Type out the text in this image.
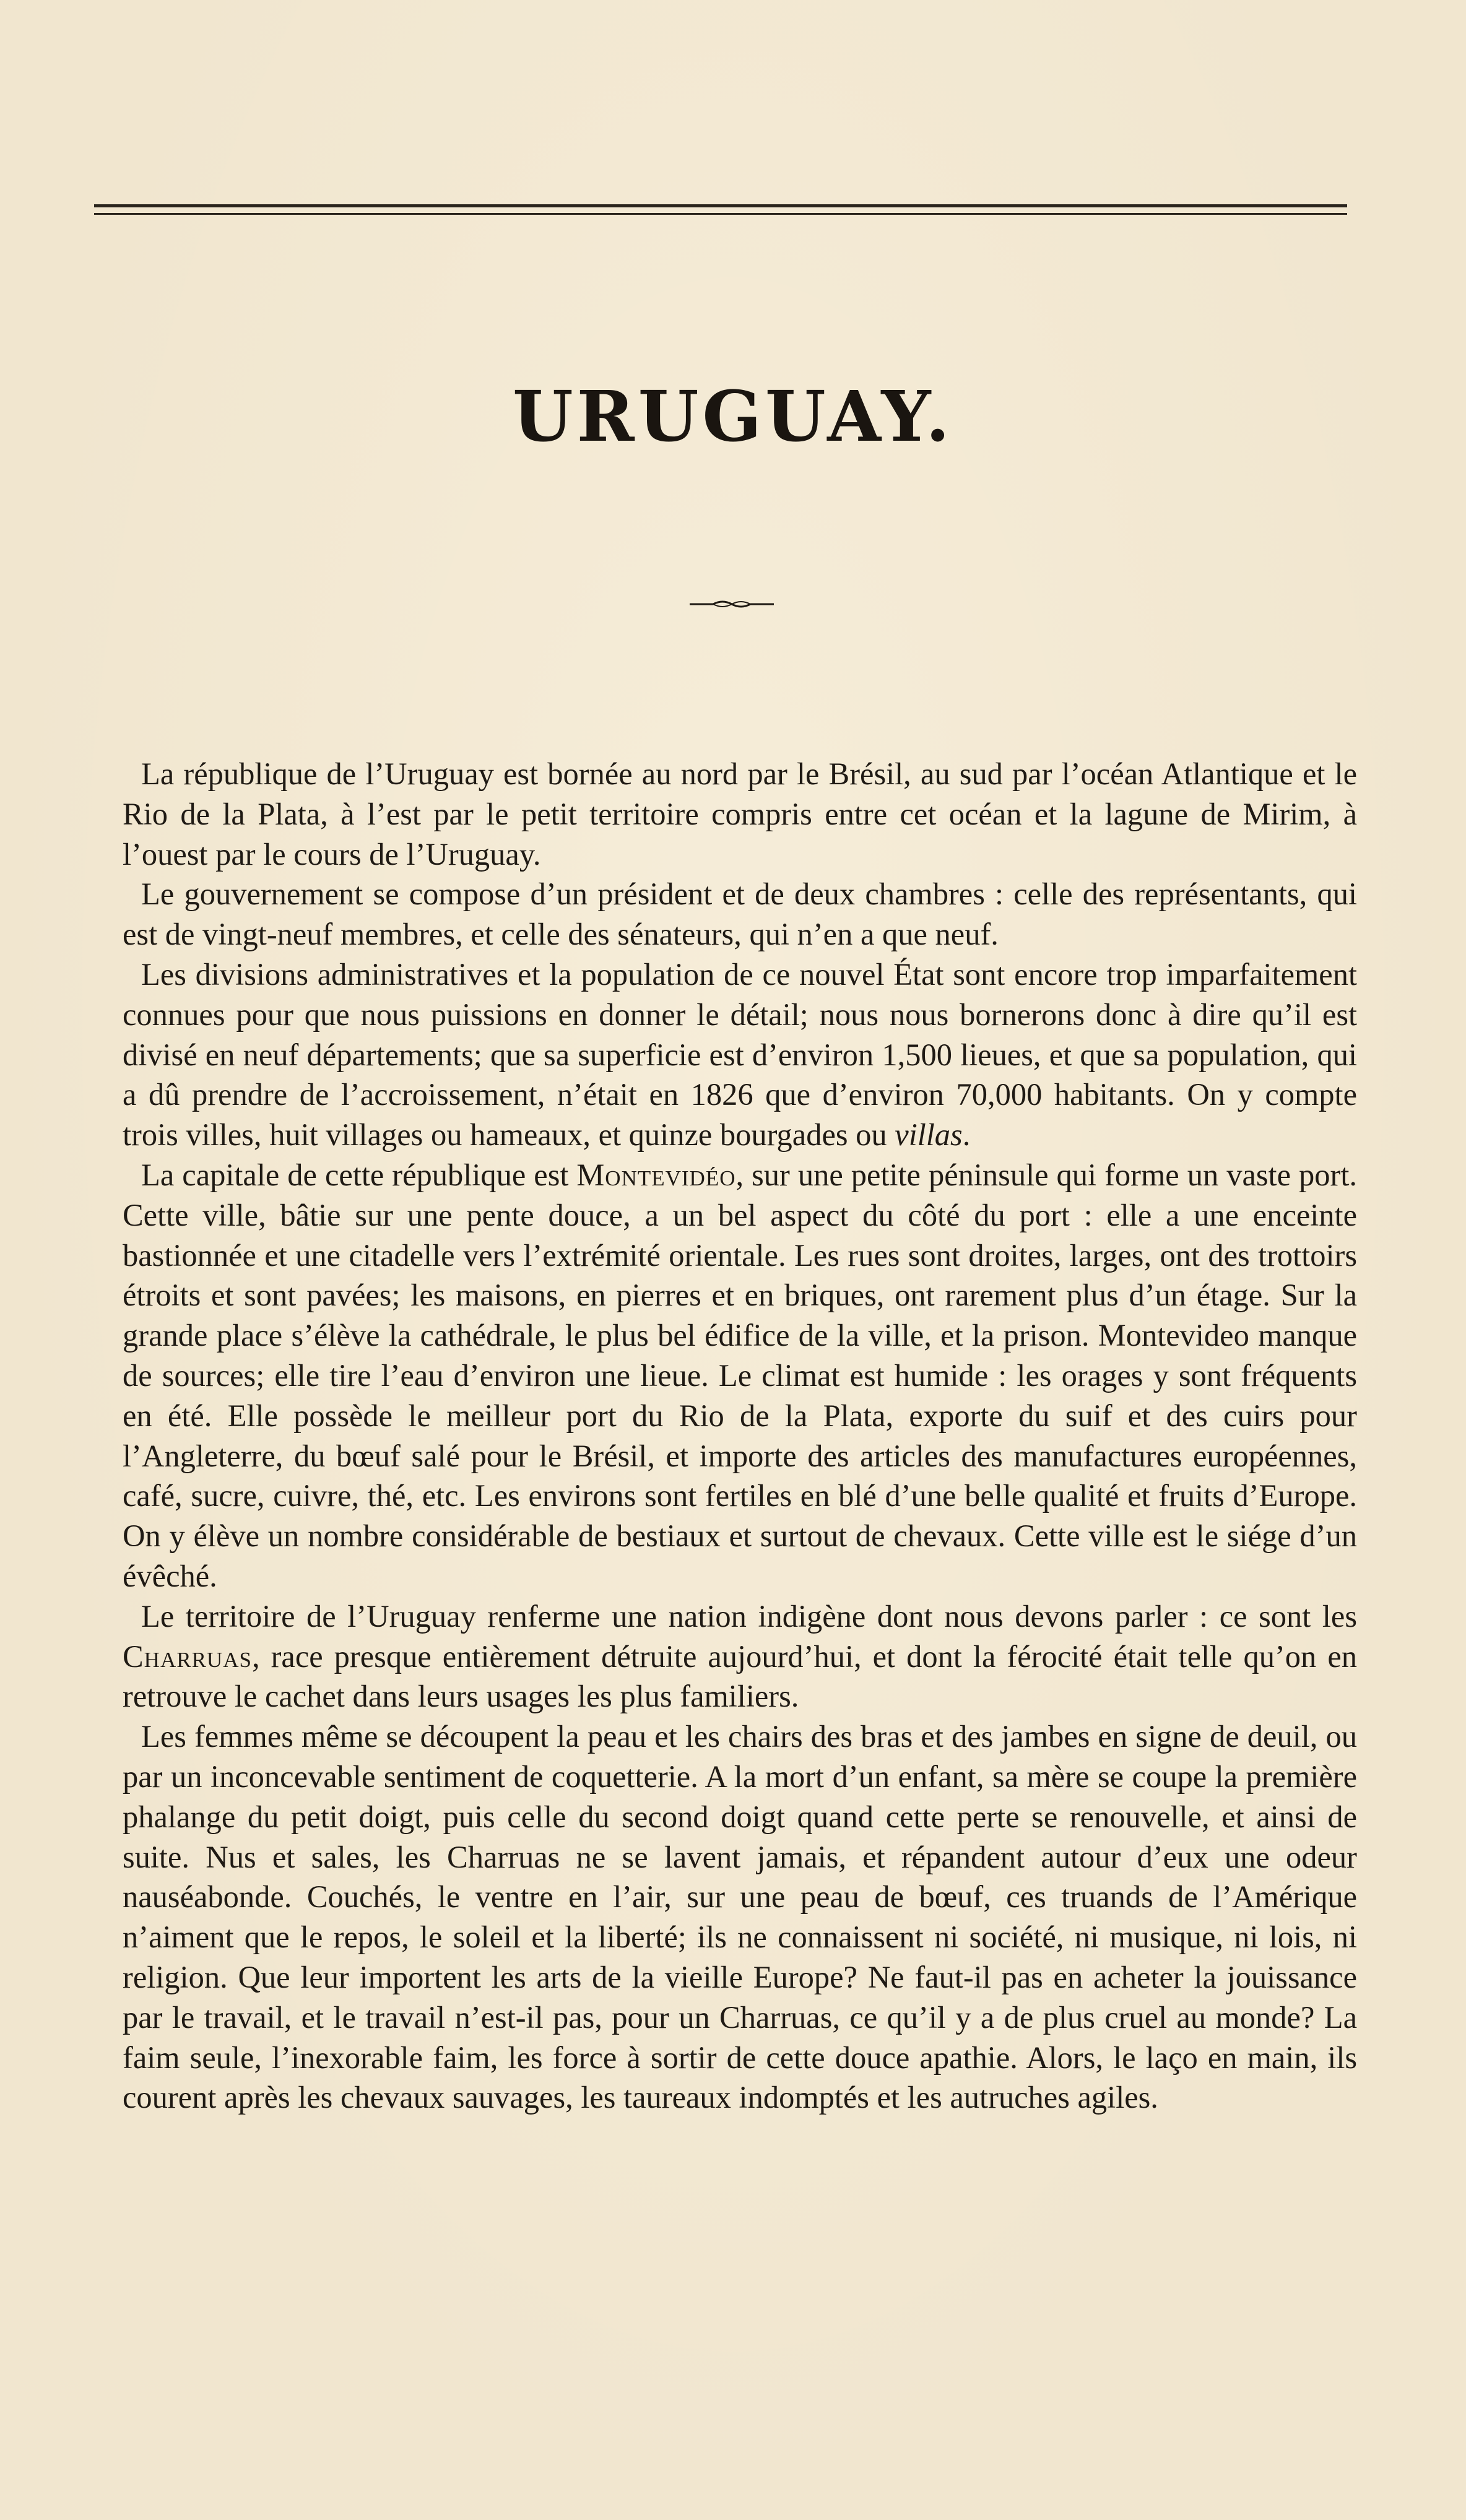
URUGUAY.

La république de l’Uruguay est bornée au nord par le Brésil, au sud par l’océan Atlantique et le Rio de la Plata, à l’est par le petit territoire compris entre cet océan et la lagune de Mirim, à l’ouest par le cours de l’Uruguay.

Le gouvernement se compose d’un président et de deux chambres : celle des représentants, qui est de vingt-neuf membres, et celle des sénateurs, qui n’en a que neuf.

Les divisions administratives et la population de ce nouvel État sont encore trop imparfaitement connues pour que nous puissions en donner le détail; nous nous bornerons donc à dire qu’il est divisé en neuf départements; que sa superficie est d’environ 1,500 lieues, et que sa population, qui a dû prendre de l’accroissement, n’était en 1826 que d’environ 70,000 habitants. On y compte trois villes, huit villages ou hameaux, et quinze bourgades ou villas.

La capitale de cette république est Montevidéo, sur une petite péninsule qui forme un vaste port. Cette ville, bâtie sur une pente douce, a un bel aspect du côté du port : elle a une enceinte bastionnée et une citadelle vers l’extrémité orientale. Les rues sont droites, larges, ont des trottoirs étroits et sont pavées; les maisons, en pierres et en briques, ont rarement plus d’un étage. Sur la grande place s’élève la cathédrale, le plus bel édifice de la ville, et la prison. Montevideo manque de sources; elle tire l’eau d’environ une lieue. Le climat est humide : les orages y sont fréquents en été. Elle possède le meilleur port du Rio de la Plata, exporte du suif et des cuirs pour l’Angleterre, du bœuf salé pour le Brésil, et importe des articles des manufactures européennes, café, sucre, cuivre, thé, etc. Les environs sont fertiles en blé d’une belle qualité et fruits d’Europe. On y élève un nombre considérable de bestiaux et surtout de chevaux. Cette ville est le siége d’un évêché.

Le territoire de l’Uruguay renferme une nation indigène dont nous devons parler : ce sont les Charruas, race presque entièrement détruite aujourd’hui, et dont la férocité était telle qu’on en retrouve le cachet dans leurs usages les plus familiers.

Les femmes même se découpent la peau et les chairs des bras et des jambes en signe de deuil, ou par un inconcevable sentiment de coquetterie. A la mort d’un enfant, sa mère se coupe la première phalange du petit doigt, puis celle du second doigt quand cette perte se renouvelle, et ainsi de suite. Nus et sales, les Charruas ne se lavent jamais, et répandent autour d’eux une odeur nauséabonde. Couchés, le ventre en l’air, sur une peau de bœuf, ces truands de l’Amérique n’aiment que le repos, le soleil et la liberté; ils ne connaissent ni société, ni musique, ni lois, ni religion. Que leur importent les arts de la vieille Europe? Ne faut-il pas en acheter la jouissance par le travail, et le travail n’est-il pas, pour un Charruas, ce qu’il y a de plus cruel au monde? La faim seule, l’inexorable faim, les force à sortir de cette douce apathie. Alors, le laço en main, ils courent après les chevaux sauvages, les taureaux indomptés et les autruches agiles.
